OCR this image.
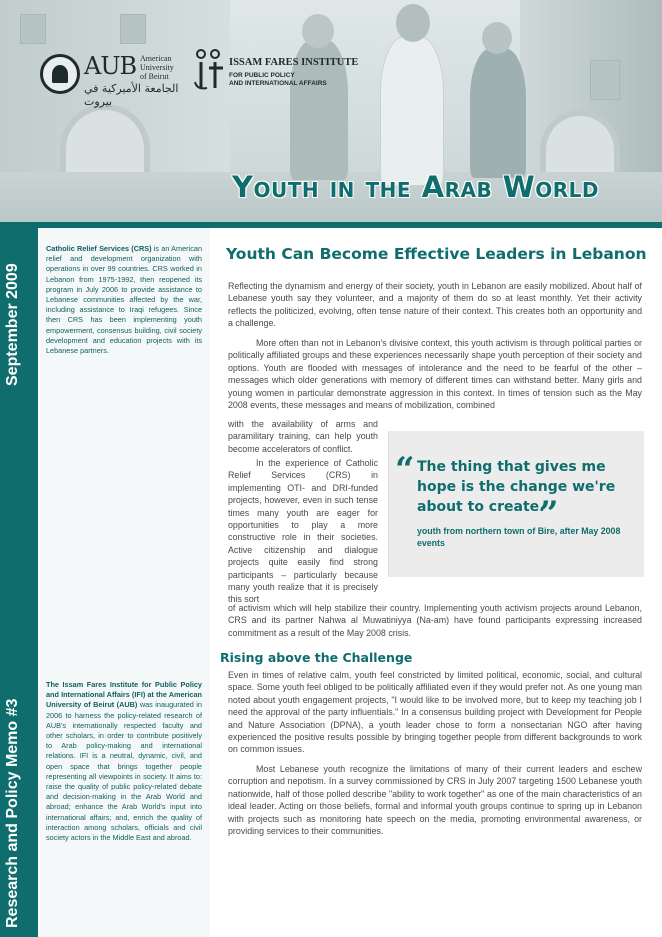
AUB American
University
of Beirut
الجامعة الأميركية في بيروت
ISSAM FARES INSTITUTE
FOR PUBLIC POLICY
AND INTERNATIONAL AFFAIRS
Youth in the Arab World
September 2009
Research and Policy Memo #3
Catholic Relief Services (CRS) is an American relief and development organization with operations in over 99 countries. CRS worked in Lebanon from 1975-1992, then reopened its program in July 2006 to provide assistance to Lebanese communities affected by the war, including assistance to Iraqi refugees. Since then CRS has been implementing youth empowerment, consensus building, civil society development and education projects with its Lebanese partners.
The Issam Fares Institute for Public Policy and International Affairs (IFI) at the American University of Beirut (AUB) was inaugurated in 2006 to harness the policy-related research of AUB's internationally respected faculty and other scholars, in order to contribute positively to Arab policy-making and international relations. IFI is a neutral, dynamic, civil, and open space that brings together people representing all viewpoints in society. It aims to: raise the quality of public policy-related debate and decision-making in the Arab World and abroad; enhance the Arab World's input into international affairs; and, enrich the quality of interaction among scholars, officials and civil society actors in the Middle East and abroad.
Youth Can Become Effective Leaders in Lebanon
Reflecting the dynamism and energy of their society, youth in Lebanon are easily mobilized. About half of Lebanese youth say they volunteer, and a majority of them do so at least monthly. Yet their activity reflects the politicized, evolving, often tense nature of their context. This creates both an opportunity and a challenge.
More often than not in Lebanon's divisive context, this youth activism is through political parties or politically affiliated groups and these experiences necessarily shape youth perception of their society and options. Youth are flooded with messages of intolerance and the need to be fearful of the other – messages which older generations with memory of different times can withstand better. Many girls and young women in particular demonstrate aggression in this context. In times of tension such as the May 2008 events, these messages and means of mobilization, combined
with the availability of arms and paramilitary training, can help youth become accelerators of conflict.
In the experience of Catholic Relief Services (CRS) in implementing OTI- and DRI-funded projects, however, even in such tense times many youth are eager for opportunities to play a more constructive role in their societies. Active citizenship and dialogue projects quite easily find strong participants – particularly because many youth realize that it is precisely this sort
“ The thing that gives me hope is the change we're about to create.
”
youth from northern town of Bire, after May 2008 events
of activism which will help stabilize their country. Implementing youth activism projects around Lebanon, CRS and its partner Nahwa al Muwatiniyya (Na-am) have found participants expressing increased commitment as a result of the May 2008 crisis.
Rising above the Challenge
Even in times of relative calm, youth feel constricted by limited political, economic, social, and cultural space. Some youth feel obliged to be politically affiliated even if they would prefer not. As one young man noted about youth engagement projects, "I would like to be involved more, but to keep my teaching job I need the approval of the party influentials." In a consensus building project with Development for People and Nature Association (DPNA), a youth leader chose to form a nonsectarian NGO after having experienced the positive results possible by bringing together people from different backgrounds to work on common issues.
Most Lebanese youth recognize the limitations of many of their current leaders and eschew corruption and nepotism. In a survey commissioned by CRS in July 2007 targeting 1500 Lebanese youth nationwide, half of those polled describe "ability to work together" as one of the main characteristics of an ideal leader. Acting on those beliefs, formal and informal youth groups continue to spring up in Lebanon with projects such as monitoring hate speech on the media, promoting environmental awareness, or providing services to their communities.
